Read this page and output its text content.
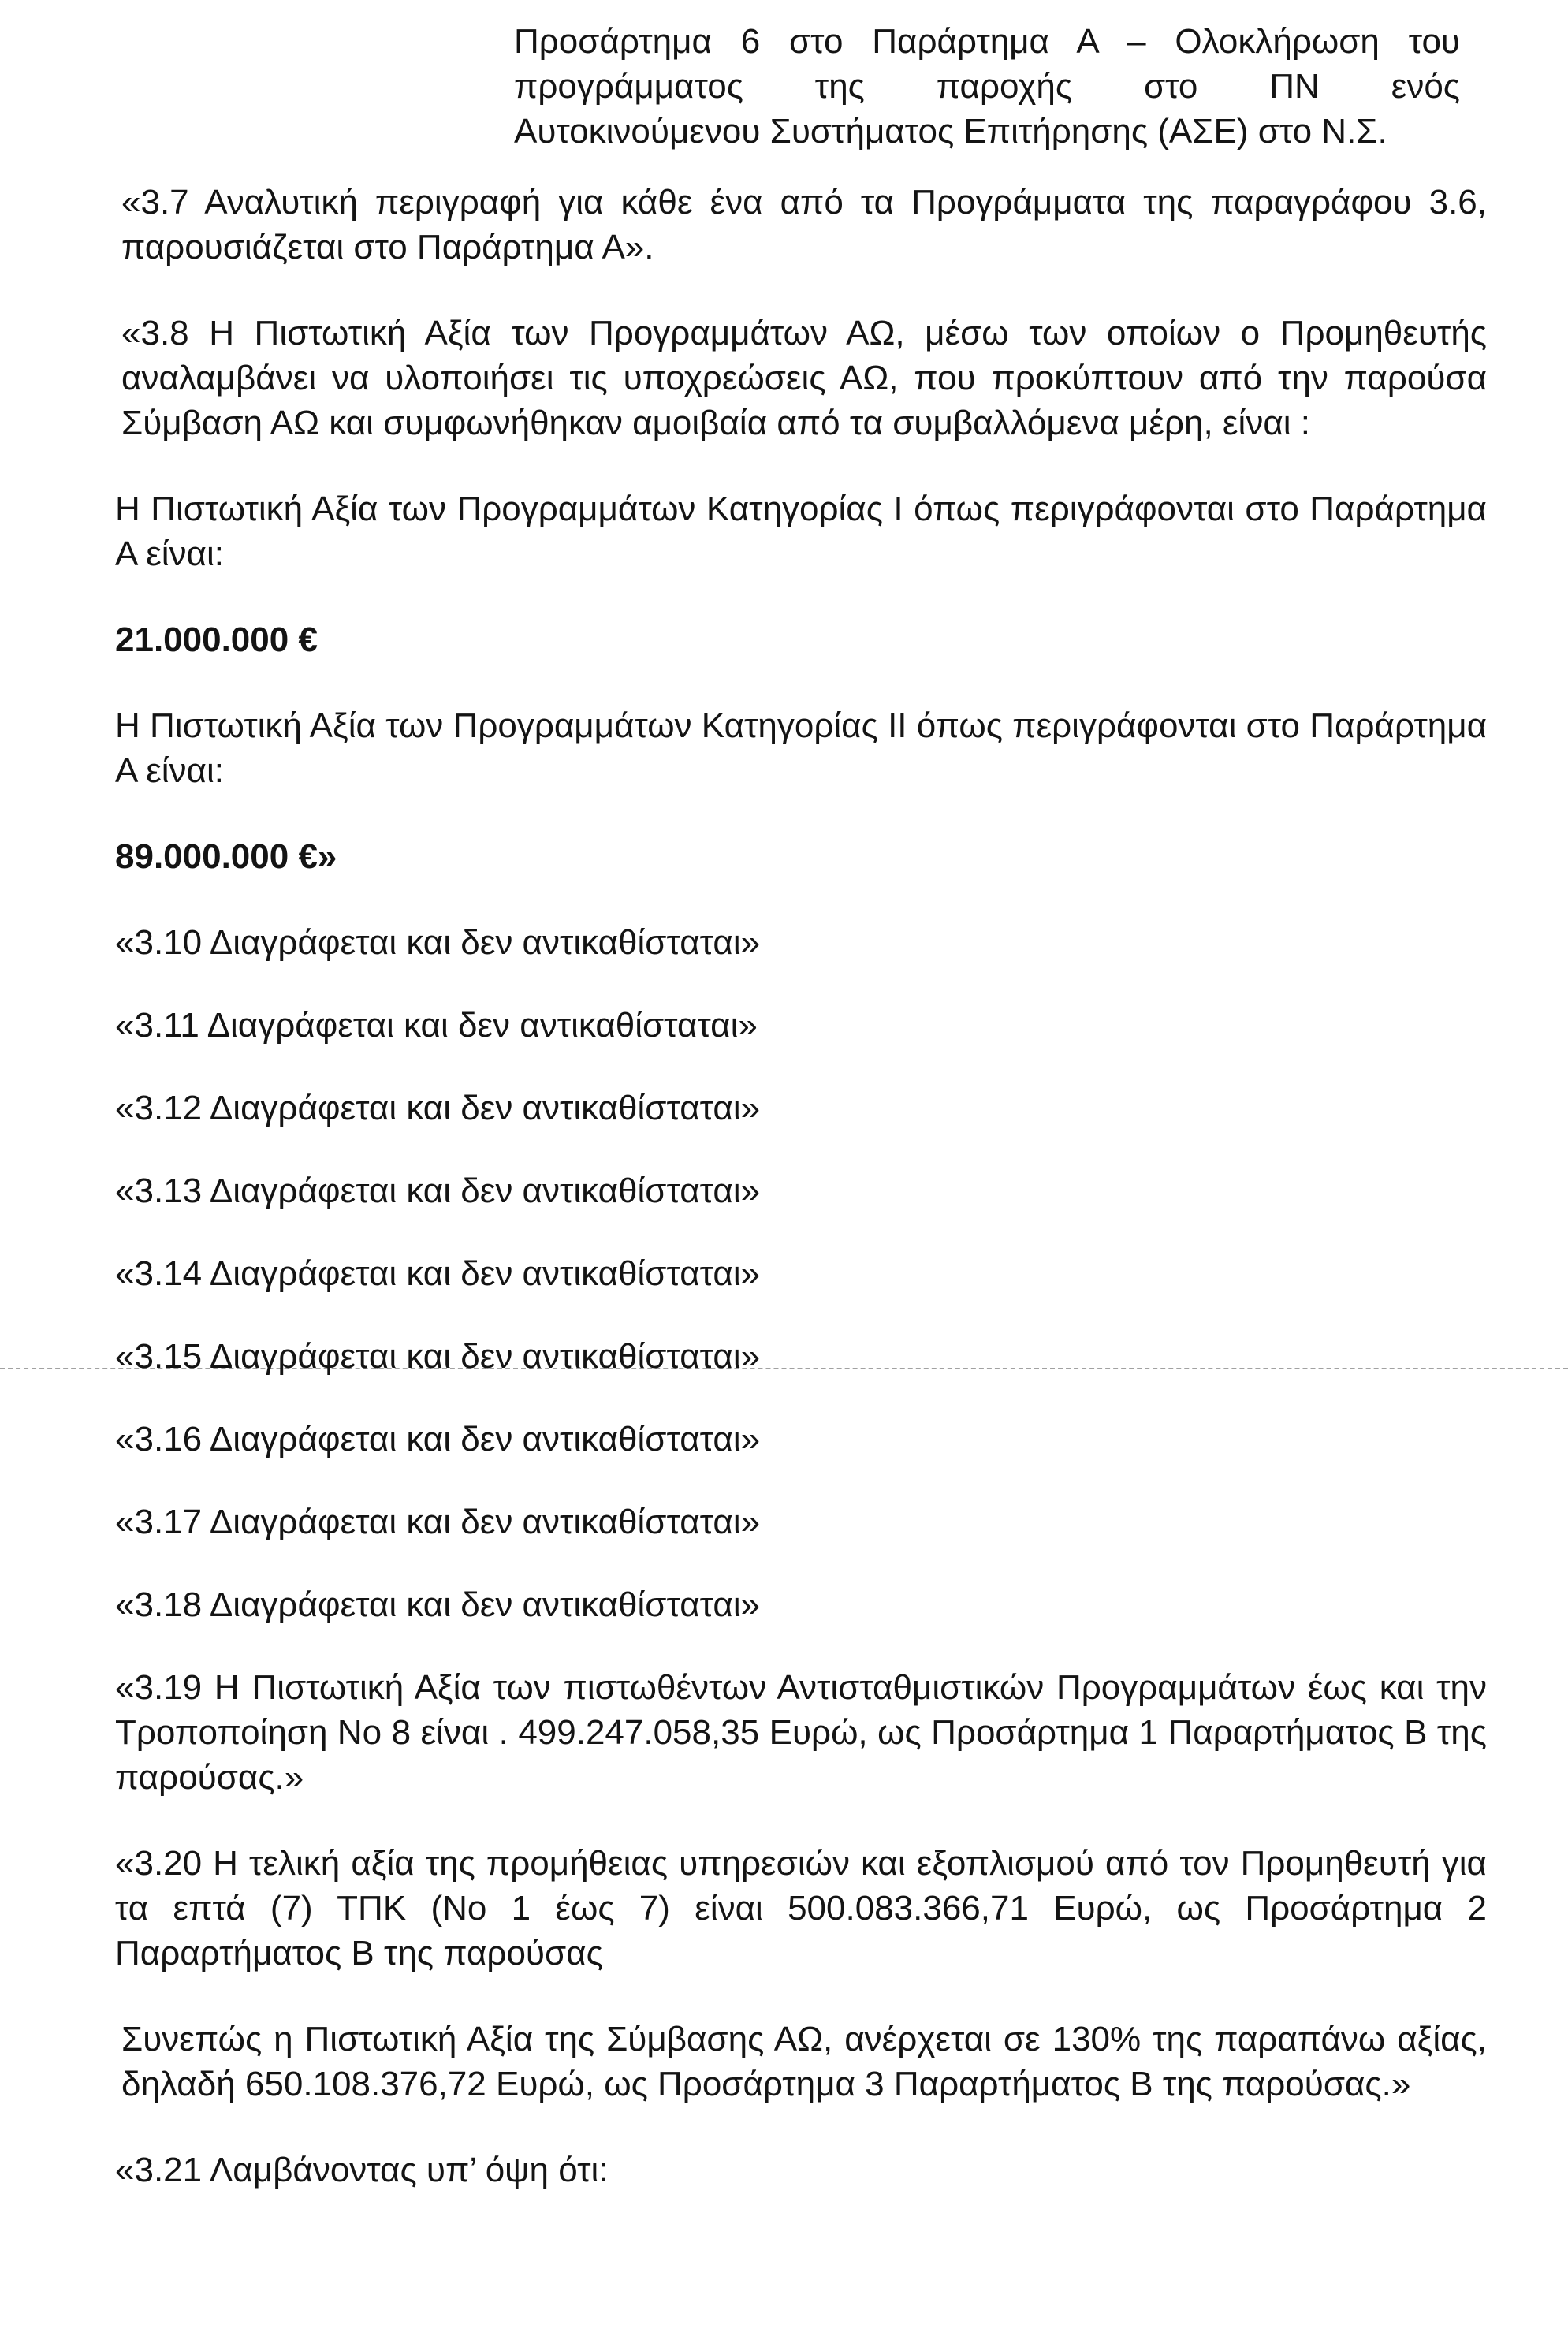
Προσάρτημα 6 στο Παράρτημα Α – Ολοκλήρωση του
προγράμματος της παροχής στο ΠΝ ενός
Αυτοκινούμενου Συστήματος Επιτήρησης (ΑΣΕ) στο Ν.Σ.

«3.7 Αναλυτική περιγραφή για κάθε ένα από τα Προγράμματα της παραγράφου 3.6, παρουσιάζεται στο Παράρτημα Α».

«3.8 Η Πιστωτική Αξία των Προγραμμάτων ΑΩ, μέσω των οποίων ο Προμηθευτής αναλαμβάνει να υλοποιήσει τις υποχρεώσεις ΑΩ, που προκύπτουν από την παρούσα Σύμβαση ΑΩ και συμφωνήθηκαν αμοιβαία από τα συμβαλλόμενα μέρη, είναι :

Η Πιστωτική Αξία των Προγραμμάτων Κατηγορίας Ι όπως περιγράφονται στο Παράρτημα Α είναι:

21.000.000 €

Η Πιστωτική Αξία των Προγραμμάτων Κατηγορίας ΙΙ όπως περιγράφονται στο Παράρτημα Α είναι:

89.000.000 €»

«3.10 Διαγράφεται και δεν αντικαθίσταται»

«3.11 Διαγράφεται και δεν αντικαθίσταται»

«3.12 Διαγράφεται και δεν αντικαθίσταται»

«3.13 Διαγράφεται και δεν αντικαθίσταται»

«3.14 Διαγράφεται και δεν αντικαθίσταται»

«3.15 Διαγράφεται και δεν αντικαθίσταται»

«3.16 Διαγράφεται και δεν αντικαθίσταται»

«3.17 Διαγράφεται και δεν αντικαθίσταται»

«3.18 Διαγράφεται και δεν αντικαθίσταται»

«3.19 Η Πιστωτική Αξία των πιστωθέντων Αντισταθμιστικών Προγραμμάτων έως και την Τροποποίηση Νο 8 είναι . 499.247.058,35 Ευρώ, ως Προσάρτημα 1 Παραρτήματος Β της παρούσας.»

«3.20 Η τελική αξία της προμήθειας υπηρεσιών και εξοπλισμού από τον Προμηθευτή για τα επτά (7) ΤΠΚ (Νο 1 έως 7) είναι 500.083.366,71 Ευρώ, ως Προσάρτημα 2 Παραρτήματος Β της παρούσας

Συνεπώς η Πιστωτική Αξία της Σύμβασης ΑΩ, ανέρχεται σε 130% της παραπάνω αξίας, δηλαδή 650.108.376,72 Ευρώ, ως Προσάρτημα 3 Παραρτήματος Β της παρούσας.»

«3.21 Λαμβάνοντας υπ’ όψη ότι:
